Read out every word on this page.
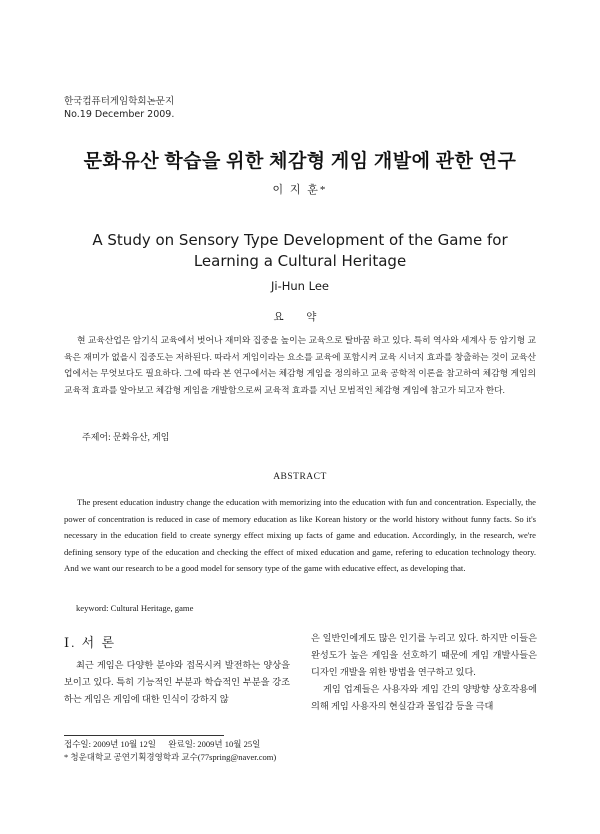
한국컴퓨터게임학회논문지
No.19 December 2009.
문화유산 학습을 위한 체감형 게임 개발에 관한 연구
이 지 훈*
A Study on Sensory Type Development of the Game for Learning a Cultural Heritage
Ji-Hun Lee
요 약
현 교육산업은 암기식 교육에서 벗어나 재미와 집중을 높이는 교육으로 탈바꿈 하고 있다. 특히 역사와 세계사 등 암기형 교육은 재미가 없을시 집중도는 저하된다. 따라서 게임이라는 요소를 교육에 포함시켜 교육 시너지 효과를 창출하는 것이 교육산업에서는 무엇보다도 필요하다. 그에 따라 본 연구에서는 체감형 게임을 정의하고 교육 공학적 이론을 참고하여 체감형 게임의 교육적 효과를 알아보고 체감형 게임을 개발함으로써 교육적 효과를 지닌 모범적인 체감형 게임에 참고가 되고자 한다.
주제어: 문화유산, 게임
ABSTRACT
The present education industry change the education with memorizing into the education with fun and concentration. Especially, the power of concentration is reduced in case of memory education as like Korean history or the world history without funny facts. So it's necessary in the education field to create synergy effect mixing up facts of game and education. Accordingly, in the research, we're defining sensory type of the education and checking the effect of mixed education and game, refering to education technology theory. And we want our research to be a good model for sensory type of the game with educative effect, as developing that.
keyword: Cultural Heritage, game
Ⅰ. 서 론
최근 게임은 다양한 분야와 접목시켜 발전하는 양상을 보이고 있다. 특히 기능적인 부분과 학습적인 부분을 강조하는 게임은 게임에 대한 인식이 강하지 않

은 일반인에게도 많은 인기를 누리고 있다. 하지만 이들은 완성도가 높은 게임을 선호하기 때문에 게임 개발사들은 디자인 개발을 위한 방법을 연구하고 있다.

게임 업계들은 사용자와 게임 간의 양방향 상호작용에 의해 게임 사용자의 현실감과 몰입감 등을 극대

접수일: 2009년 10월 12일 완료일: 2009년 10월 25일
* 청운대학교 공연기획경영학과 교수(77spring@naver.com)
